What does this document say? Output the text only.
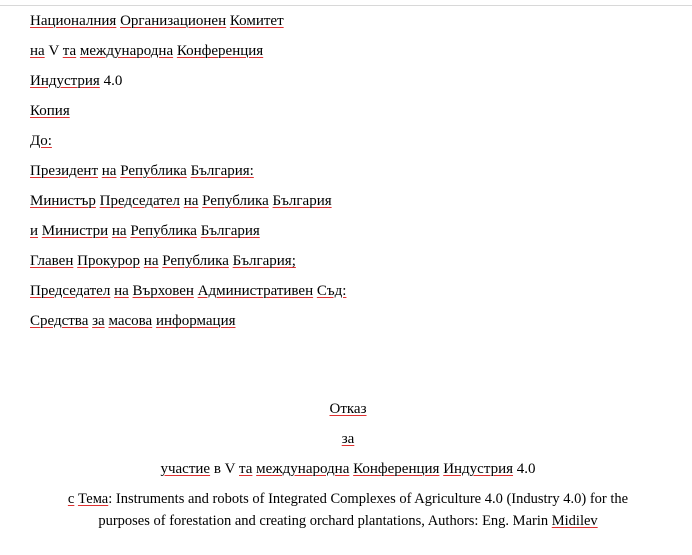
Националния Организационен Комитет
на V та международна Конференция
Индустрия 4.0
Копия
До:
Президент на Република България:
Министър Председател на Република България
и Министри на Република България
Главен Прокурор на Република България;
Председател на Върховен Административен Съд:
Средства за масова информация
Отказ
за
участие в V та международна Конференция Индустрия 4.0
с Тема: Instruments and robots of Integrated Complexes of Agriculture 4.0 (Industry 4.0) for the purposes of forestation and creating orchard plantations, Authors: Eng. Marin Midilev
